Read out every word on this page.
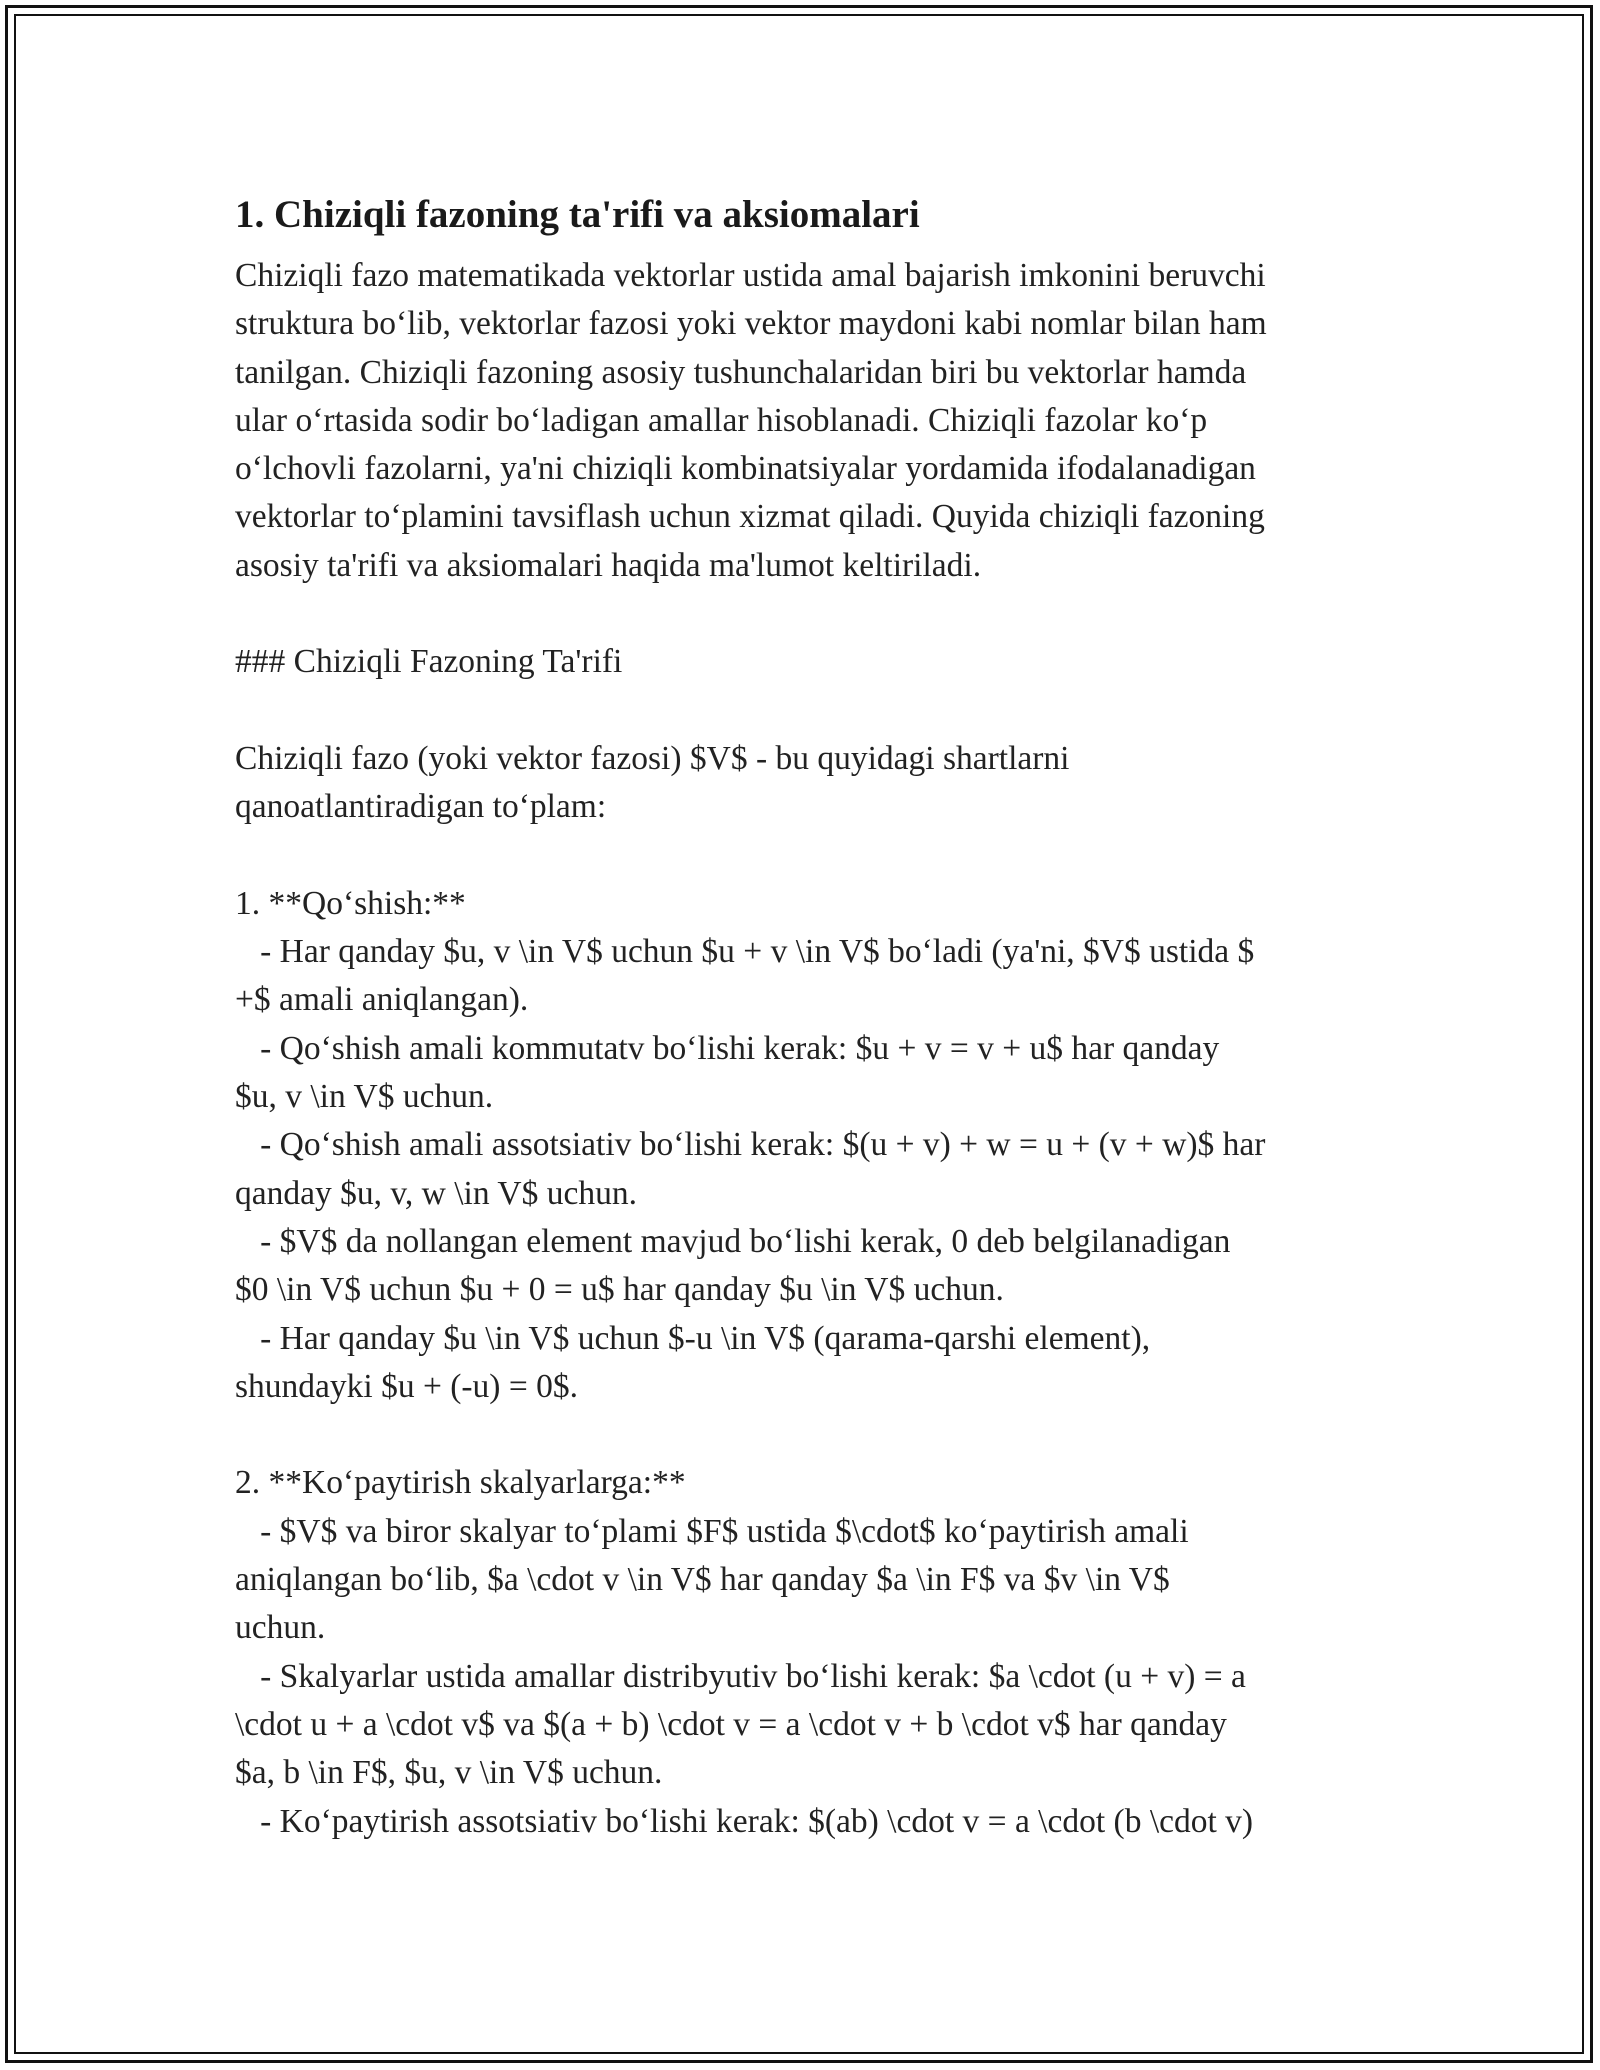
1. Chiziqli fazoning ta'rifi va aksiomalari
Chiziqli fazo matematikada vektorlar ustida amal bajarish imkonini beruvchi
struktura bo‘lib, vektorlar fazosi yoki vektor maydoni kabi nomlar bilan ham
tanilgan. Chiziqli fazoning asosiy tushunchalaridan biri bu vektorlar hamda
ular o‘rtasida sodir bo‘ladigan amallar hisoblanadi. Chiziqli fazolar ko‘p
o‘lchovli fazolarni, ya'ni chiziqli kombinatsiyalar yordamida ifodalanadigan
vektorlar to‘plamini tavsiflash uchun xizmat qiladi. Quyida chiziqli fazoning
asosiy ta'rifi va aksiomalari haqida ma'lumot keltiriladi.
### Chiziqli Fazoning Ta'rifi
Chiziqli fazo (yoki vektor fazosi) $V$ - bu quyidagi shartlarni
qanoatlantiradigan to‘plam:
1. **Qo‘shish:**
- Har qanday $u, v \in V$ uchun $u + v \in V$ bo‘ladi (ya'ni, $V$ ustida $
+$ amali aniqlangan).
- Qo‘shish amali kommutatv bo‘lishi kerak: $u + v = v + u$ har qanday
$u, v \in V$ uchun.
- Qo‘shish amali assotsiativ bo‘lishi kerak: $(u + v) + w = u + (v + w)$ har
qanday $u, v, w \in V$ uchun.
- $V$ da nollangan element mavjud bo‘lishi kerak, 0 deb belgilanadigan
$0 \in V$ uchun $u + 0 = u$ har qanday $u \in V$ uchun.
- Har qanday $u \in V$ uchun $-u \in V$ (qarama-qarshi element),
shundayki $u + (-u) = 0$.
2. **Ko‘paytirish skalyarlarga:**
- $V$ va biror skalyar to‘plami $F$ ustida $\cdot$ ko‘paytirish amali
aniqlangan bo‘lib, $a \cdot v \in V$ har qanday $a \in F$ va $v \in V$
uchun.
- Skalyarlar ustida amallar distribyutiv bo‘lishi kerak: $a \cdot (u + v) = a
\cdot u + a \cdot v$ va $(a + b) \cdot v = a \cdot v + b \cdot v$ har qanday
$a, b \in F$, $u, v \in V$ uchun.
- Ko‘paytirish assotsiativ bo‘lishi kerak: $(ab) \cdot v = a \cdot (b \cdot v)
